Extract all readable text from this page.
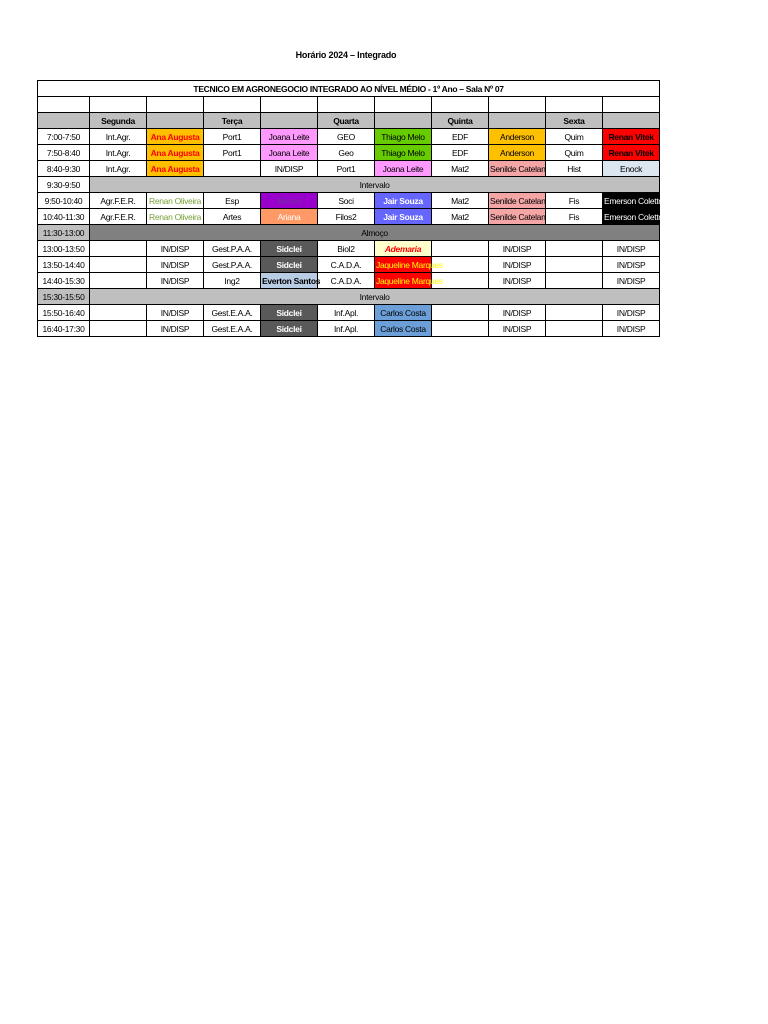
Horário 2024 – Integrado
TECNICO EM AGRONEGOCIO INTEGRADO AO NÍVEL MÉDIO - 1º Ano – Sala Nº 07										

	Segunda		Terça		Quarta		Quinta		Sexta	
7:00-7:50	Int.Agr.	Ana Augusta	Port1	Joana Leite	GEO	Thiago Melo	EDF	Anderson	Quim	Renan Vitek
7:50-8:40	Int.Agr.	Ana Augusta	Port1	Joana Leite	Geo	Thiago Melo	EDF	Anderson	Quim	Renan Vitek
8:40-9:30	Int.Agr.	Ana Augusta		IN/DISP	Port1	Joana Leite	Mat2	Senilde Catelan	Hist	Enock
9:30-9:50	Intervalo									
9:50-10:40	Agr.F.E.R.	Renan Oliveira	Esp	Marcio	Soci	Jair Souza	Mat2	Senilde Catelan	Fis	Emerson Coletto
10:40-11:30	Agr.F.E.R.	Renan Oliveira	Artes	Ariana	Filos2	Jair Souza	Mat2	Senilde Catelan	Fis	Emerson Coletto
11:30-13:00	Almoço									
13:00-13:50		IN/DISP	Gest.P.A.A.	Sidclei	Biol2	Ademaria		IN/DISP		IN/DISP
13:50-14:40		IN/DISP	Gest.P.A.A.	Sidclei	C.A.D.A.	Jaqueline Marques		IN/DISP		IN/DISP
14:40-15:30		IN/DISP	Ing2	Everton Santos	C.A.D.A.	Jaqueline Marques		IN/DISP		IN/DISP
15:30-15:50	Intervalo									
15:50-16:40		IN/DISP	Gest.E.A.A.	Sidclei	Inf.Apl.	Carlos Costa		IN/DISP		IN/DISP
16:40-17:30		IN/DISP	Gest.E.A.A.	Sidclei	Inf.Apl.	Carlos Costa		IN/DISP		IN/DISP
